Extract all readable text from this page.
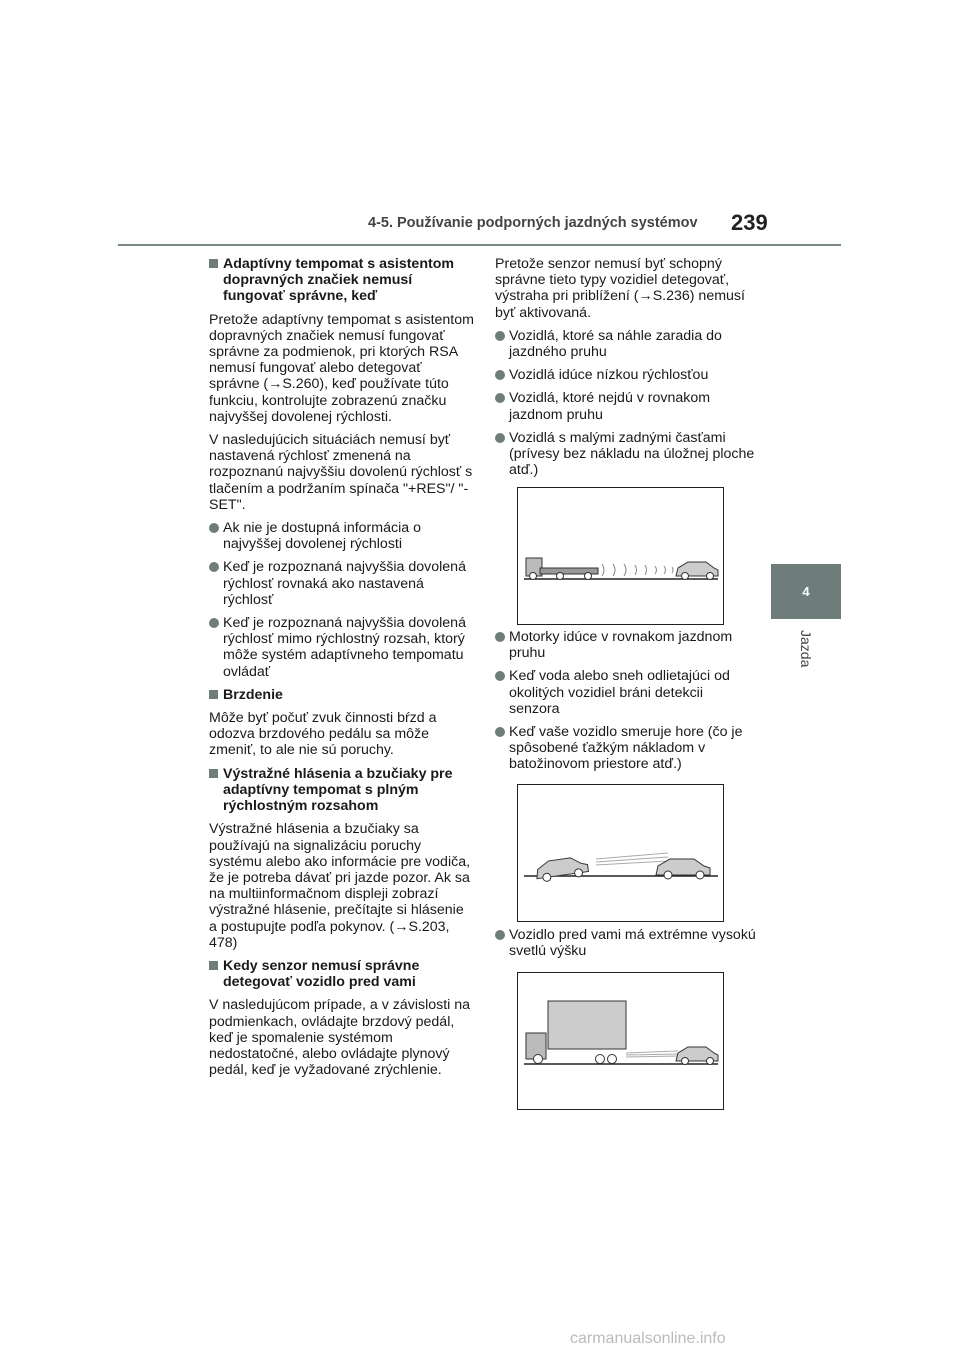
4-5. Používanie podporných jazdných systémov 239
4
Jazda
Adaptívny tempomat s asistentom dopravných značiek nemusí fungovať správne, keď

Pretože adaptívny tempomat s asistentom dopravných značiek nemusí fungovať správne za podmienok, pri ktorých RSA nemusí fungovať alebo detegovať správne (→S.260), keď používate túto funkciu, kontrolujte zobrazenú značku najvyššej dovolenej rýchlosti.

V nasledujúcich situáciách nemusí byť nastavená rýchlosť zmenená na rozpoznanú najvyššiu dovolenú rýchlosť s tlačením a podržaním spínača "+RES"/ "-SET".

Ak nie je dostupná informácia o najvyššej dovolenej rýchlosti
Keď je rozpoznaná najvyššia dovolená rýchlosť rovnaká ako nastavená rýchlosť
Keď je rozpoznaná najvyššia dovolená rýchlosť mimo rýchlostný rozsah, ktorý môže systém adaptívneho tempomatu ovládať
Brzdenie

Môže byť počuť zvuk činnosti bŕzd a odozva brzdového pedálu sa môže zmeniť, to ale nie sú poruchy.

Výstražné hlásenia a bzučiaky pre adaptívny tempomat s plným rýchlostným rozsahom

Výstražné hlásenia a bzučiaky sa používajú na signalizáciu poruchy systému alebo ako informácie pre vodiča, že je potreba dávať pri jazde pozor. Ak sa na multiinformačnom displeji zobrazí výstražné hlásenie, prečítajte si hlásenie a postupujte podľa pokynov. (→S.203, 478)

Kedy senzor nemusí správne detegovať vozidlo pred vami

V nasledujúcom prípade, a v závislosti na podmienkach, ovládajte brzdový pedál, keď je spomalenie systémom nedostatočné, alebo ovládajte plynový pedál, keď je vyžadované zrýchlenie.

Pretože senzor nemusí byť schopný správne tieto typy vozidiel detegovať, výstraha pri priblížení (→S.236) nemusí byť aktivovaná.

Vozidlá, ktoré sa náhle zaradia do jazdného pruhu
Vozidlá idúce nízkou rýchlosťou
Vozidlá, ktoré nejdú v rovnakom jazdnom pruhu
Vozidlá s malými zadnými časťami (prívesy bez nákladu na úložnej ploche atď.)
Motorky idúce v rovnakom jazdnom pruhu
Keď voda alebo sneh odlietajúci od okolitých vozidiel bráni detekcii senzora
Keď vaše vozidlo smeruje hore (čo je spôsobené ťažkým nákladom v batožinovom priestore atď.)
Vozidlo pred vami má extrémne vysokú svetlú výšku
carmanualsonline.info
